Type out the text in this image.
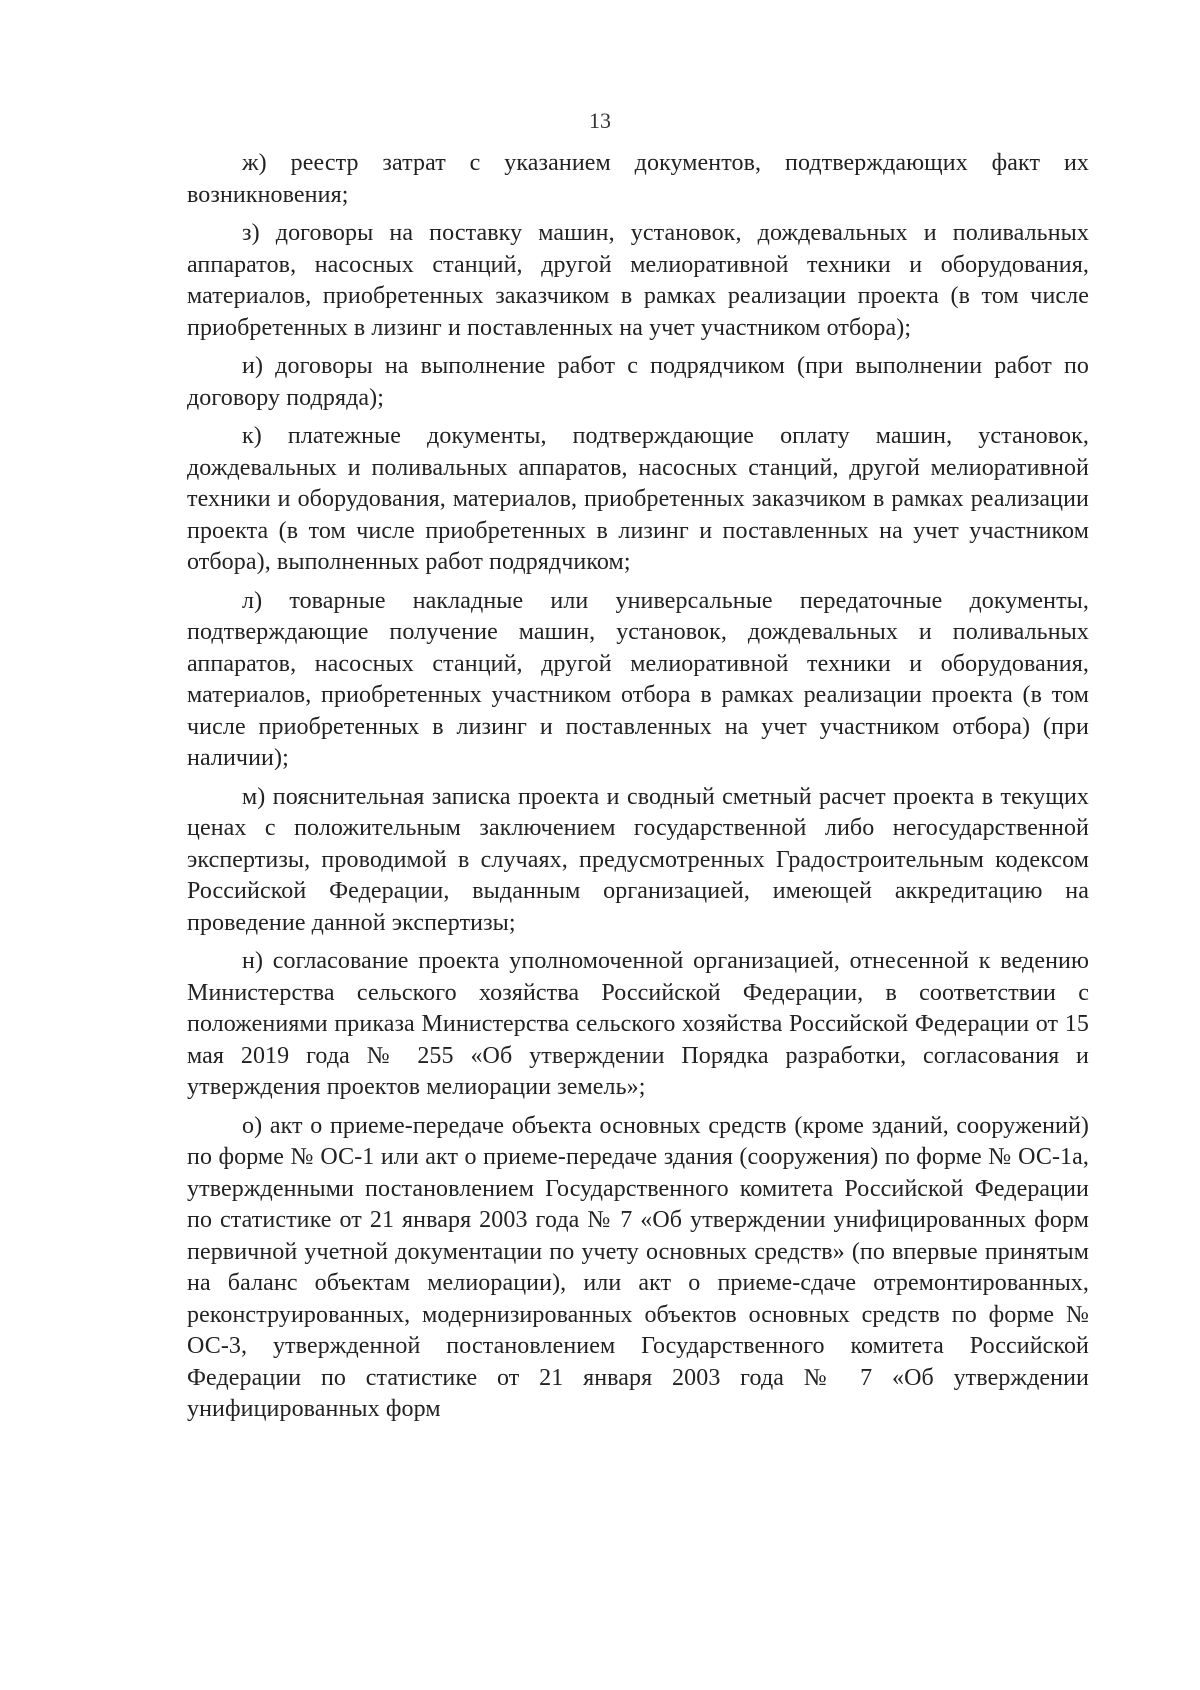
13

ж) реестр затрат с указанием документов, подтверждающих факт их возникновения;

з) договоры на поставку машин, установок, дождевальных и поливальных аппаратов, насосных станций, другой мелиоративной техники и оборудования, материалов, приобретенных заказчиком в рамках реализации проекта (в том числе приобретенных в лизинг и поставленных на учет участником отбора);

и) договоры на выполнение работ с подрядчиком (при выполнении работ по договору подряда);

к) платежные документы, подтверждающие оплату машин, установок, дождевальных и поливальных аппаратов, насосных станций, другой мелиоративной техники и оборудования, материалов, приобретенных заказчиком в рамках реализации проекта (в том числе приобретенных в лизинг и поставленных на учет участником отбора), выполненных работ подрядчиком;

л) товарные накладные или универсальные передаточные документы, подтверждающие получение машин, установок, дождевальных и поливальных аппаратов, насосных станций, другой мелиоративной техники и оборудования, материалов, приобретенных участником отбора в рамках реализации проекта (в том числе приобретенных в лизинг и поставленных на учет участником отбора) (при наличии);

м) пояснительная записка проекта и сводный сметный расчет проекта в текущих ценах с положительным заключением государственной либо негосударственной экспертизы, проводимой в случаях, предусмотренных Градостроительным кодексом Российской Федерации, выданным организацией, имеющей аккредитацию на проведение данной экспертизы;

н) согласование проекта уполномоченной организацией, отнесенной к ведению Министерства сельского хозяйства Российской Федерации, в соответствии с положениями приказа Министерства сельского хозяйства Российской Федерации от 15 мая 2019 года № 255 «Об утверждении Порядка разработки, согласования и утверждения проектов мелиорации земель»;

о) акт о приеме-передаче объекта основных средств (кроме зданий, сооружений) по форме № ОС-1 или акт о приеме-передаче здания (сооружения) по форме № ОС-1а, утвержденными постановлением Государственного комитета Российской Федерации по статистике от 21 января 2003 года № 7 «Об утверждении унифицированных форм первичной учетной документации по учету основных средств» (по впервые принятым на баланс объектам мелиорации), или акт о приеме-сдаче отремонтированных, реконструированных, модернизированных объектов основных средств по форме № ОС-3, утвержденной постановлением Государственного комитета Российской Федерации по статистике от 21 января 2003 года № 7 «Об утверждении унифицированных форм
